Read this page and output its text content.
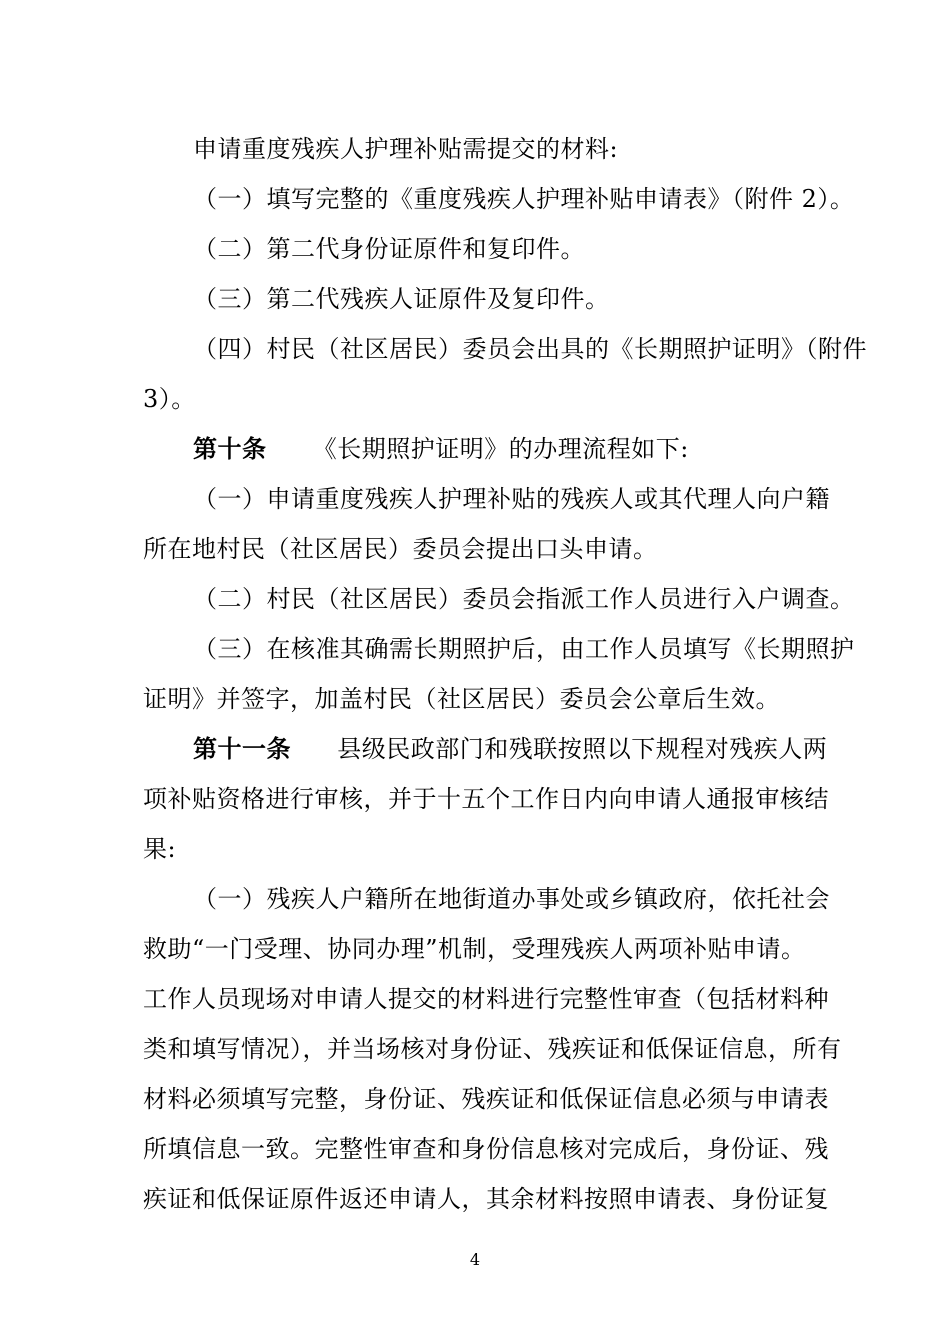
申请重度残疾人护理补贴需提交的材料:
（一）填写完整的《重度残疾人护理补贴申请表》（附件 2）。
（二）第二代身份证原件和复印件。
（三）第二代残疾人证原件及复印件。
（四）村民（社区居民）委员会出具的《长期照护证明》（附件
3）。
第十条 《长期照护证明》的办理流程如下:
（一）申请重度残疾人护理补贴的残疾人或其代理人向户籍
所在地村民（社区居民）委员会提出口头申请。
（二）村民（社区居民）委员会指派工作人员进行入户调查。
（三）在核准其确需长期照护后，由工作人员填写《长期照护
证明》并签字，加盖村民（社区居民）委员会公章后生效。
第十一条 县级民政部门和残联按照以下规程对残疾人两
项补贴资格进行审核，并于十五个工作日内向申请人通报审核结
果:
（一）残疾人户籍所在地街道办事处或乡镇政府，依托社会
救助“一门受理、协同办理”机制，受理残疾人两项补贴申请。
工作人员现场对申请人提交的材料进行完整性审查（包括材料种
类和填写情况），并当场核对身份证、残疾证和低保证信息，所有
材料必须填写完整，身份证、残疾证和低保证信息必须与申请表
所填信息一致。完整性审查和身份信息核对完成后，身份证、残
疾证和低保证原件返还申请人，其余材料按照申请表、身份证复
4
